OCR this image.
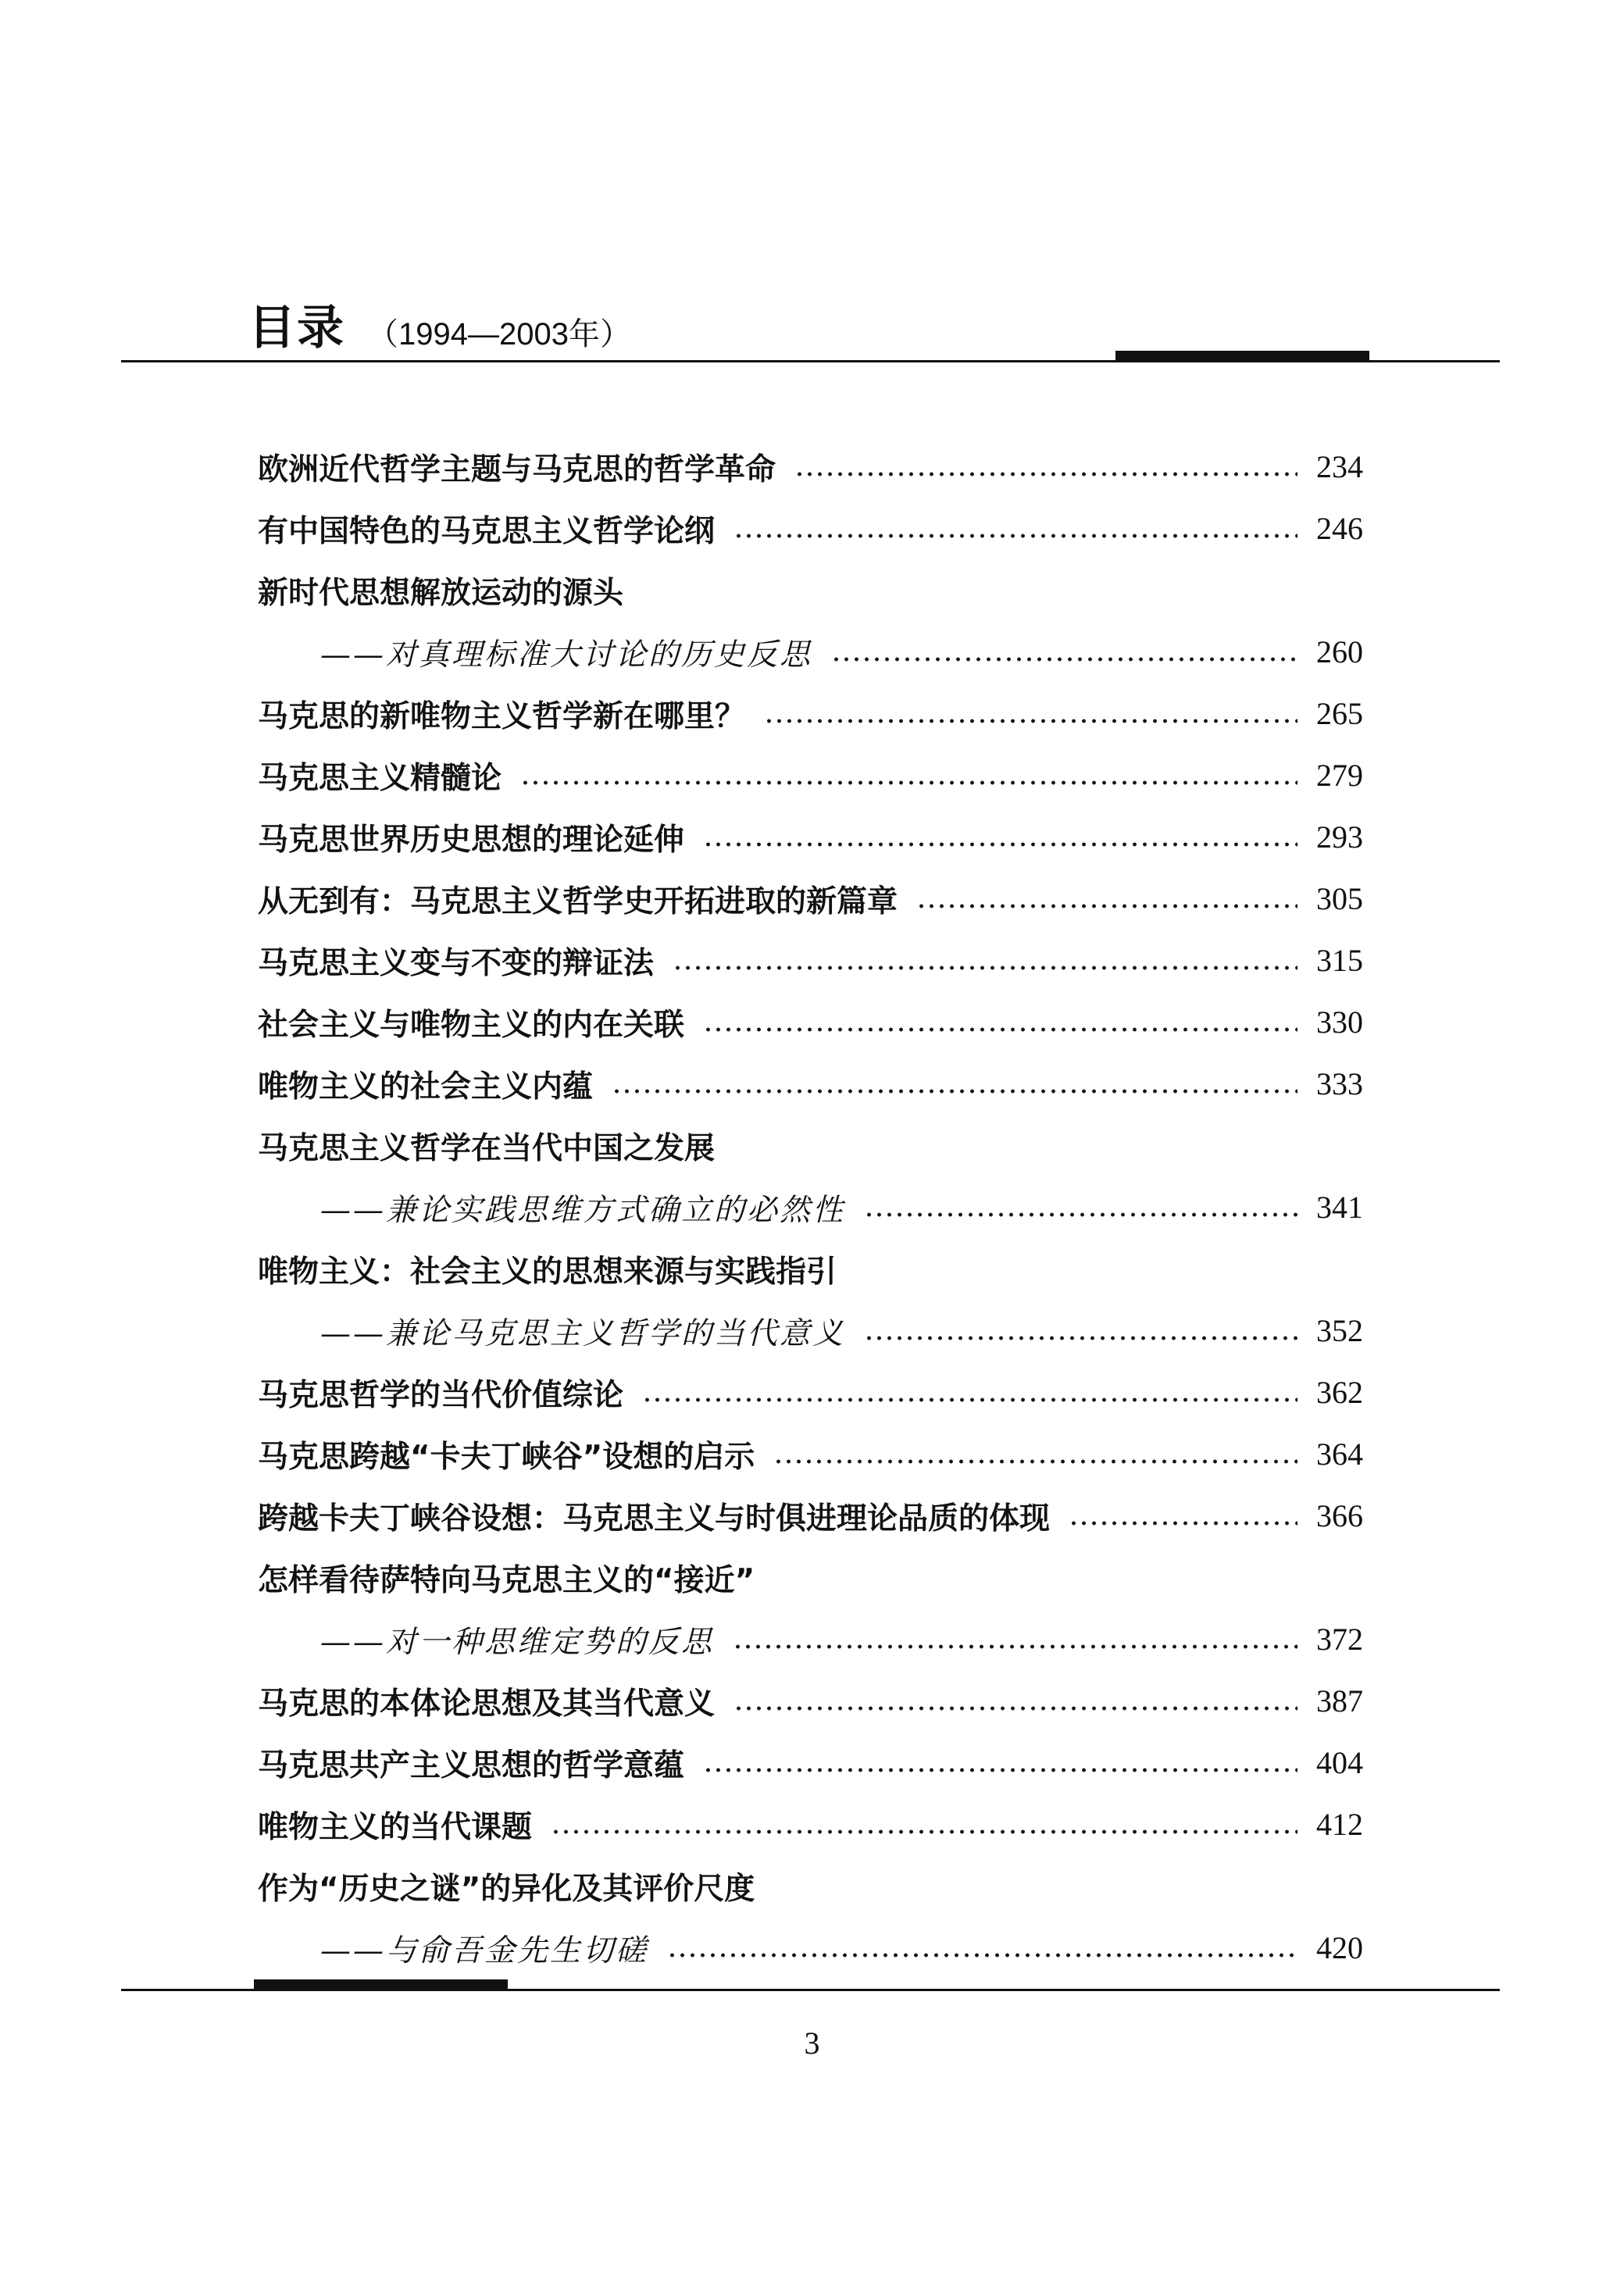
目录 （1994—2003年）
欧洲近代哲学主题与马克思的哲学革命	234
有中国特色的马克思主义哲学论纲	246
新时代思想解放运动的源头
——对真理标准大讨论的历史反思	260
马克思的新唯物主义哲学新在哪里？	265
马克思主义精髓论	279
马克思世界历史思想的理论延伸	293
从无到有：马克思主义哲学史开拓进取的新篇章	305
马克思主义变与不变的辩证法	315
社会主义与唯物主义的内在关联	330
唯物主义的社会主义内蕴	333
马克思主义哲学在当代中国之发展
——兼论实践思维方式确立的必然性	341
唯物主义：社会主义的思想来源与实践指引
——兼论马克思主义哲学的当代意义	352
马克思哲学的当代价值综论	362
马克思跨越“卡夫丁峡谷”设想的启示	364
跨越卡夫丁峡谷设想：马克思主义与时俱进理论品质的体现	366
怎样看待萨特向马克思主义的“接近”
——对一种思维定势的反思	372
马克思的本体论思想及其当代意义	387
马克思共产主义思想的哲学意蕴	404
唯物主义的当代课题	412
作为“历史之谜”的异化及其评价尺度
——与俞吾金先生切磋	420
3
